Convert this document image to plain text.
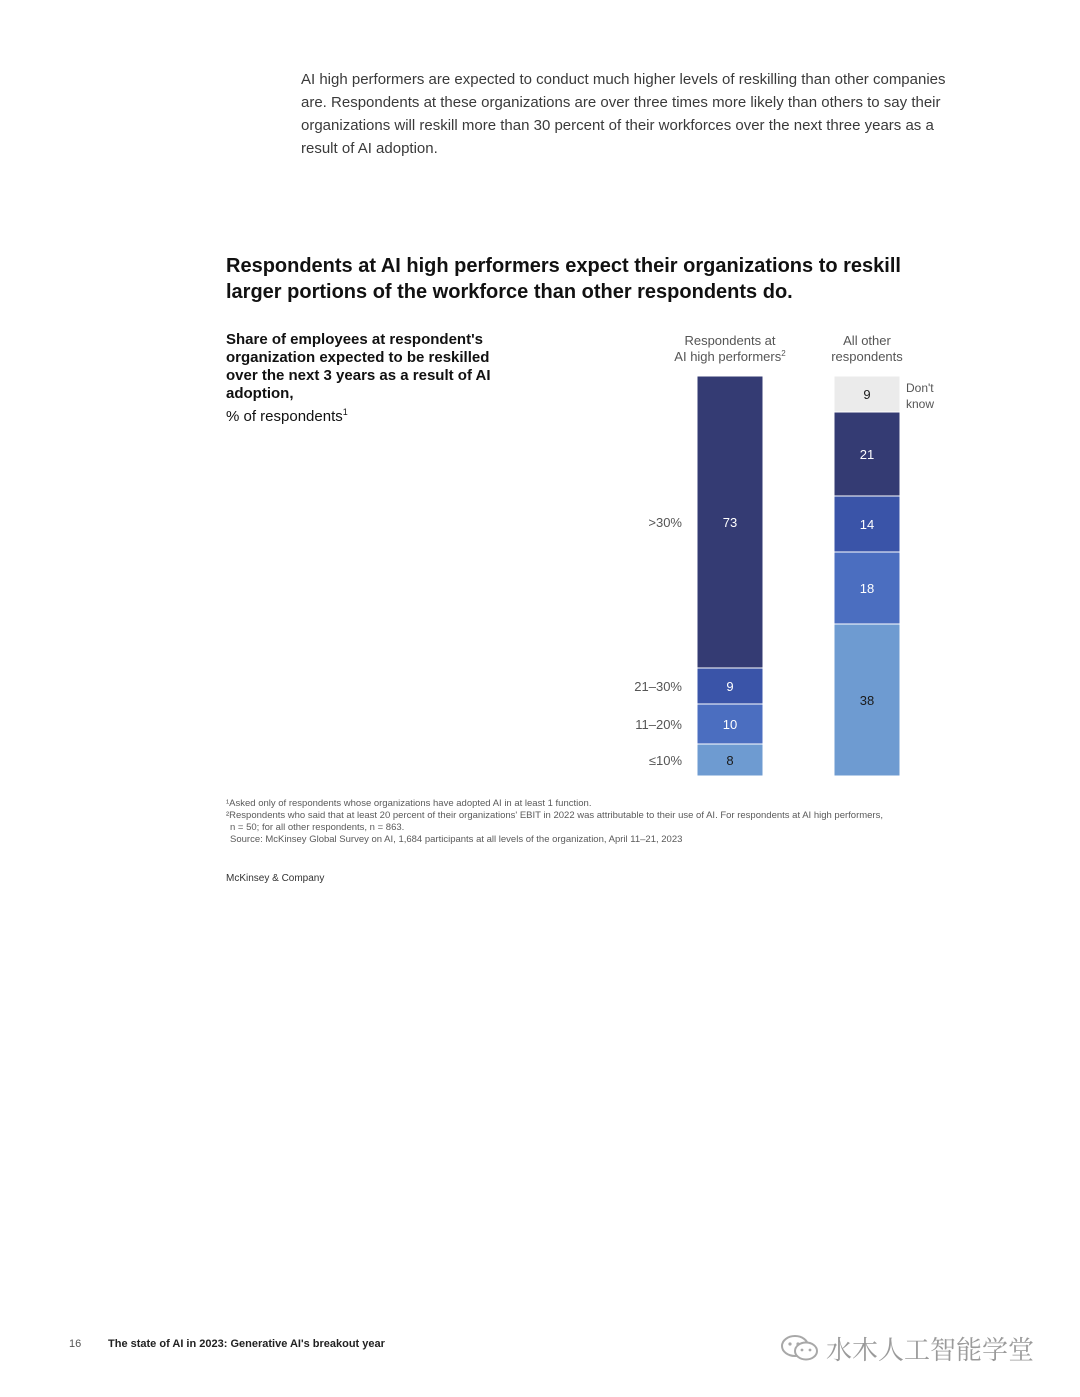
AI high performers are expected to conduct much higher levels of reskilling than other companies are. Respondents at these organizations are over three times more likely than others to say their organizations will reskill more than 30 percent of their workforces over the next three years as a result of AI adoption.

Respondents at AI high performers expect their organizations to reskill larger portions of the workforce than other respondents do.
Share of employees at respondent's organization expected to be reskilled over the next 3 years as a result of AI adoption,
% of respondents$^1$
Respondents at
AI high performers$^2$
All other
respondents
8
10
9
73
38
18
14
21
9
≤10%
11–20%
21–30%
>30%
Don't
know
¹Asked only of respondents whose organizations have adopted AI in at least 1 function.
²Respondents who said that at least 20 percent of their organizations' EBIT in 2022 was attributable to their use of AI. For respondents at AI high performers,
n = 50; for all other respondents, n = 863.
Source: McKinsey Global Survey on AI, 1,684 participants at all levels of the organization, April 11–21, 2023
McKinsey & Company
16 The state of AI in 2023: Generative AI's breakout year	水木人工智能学堂
